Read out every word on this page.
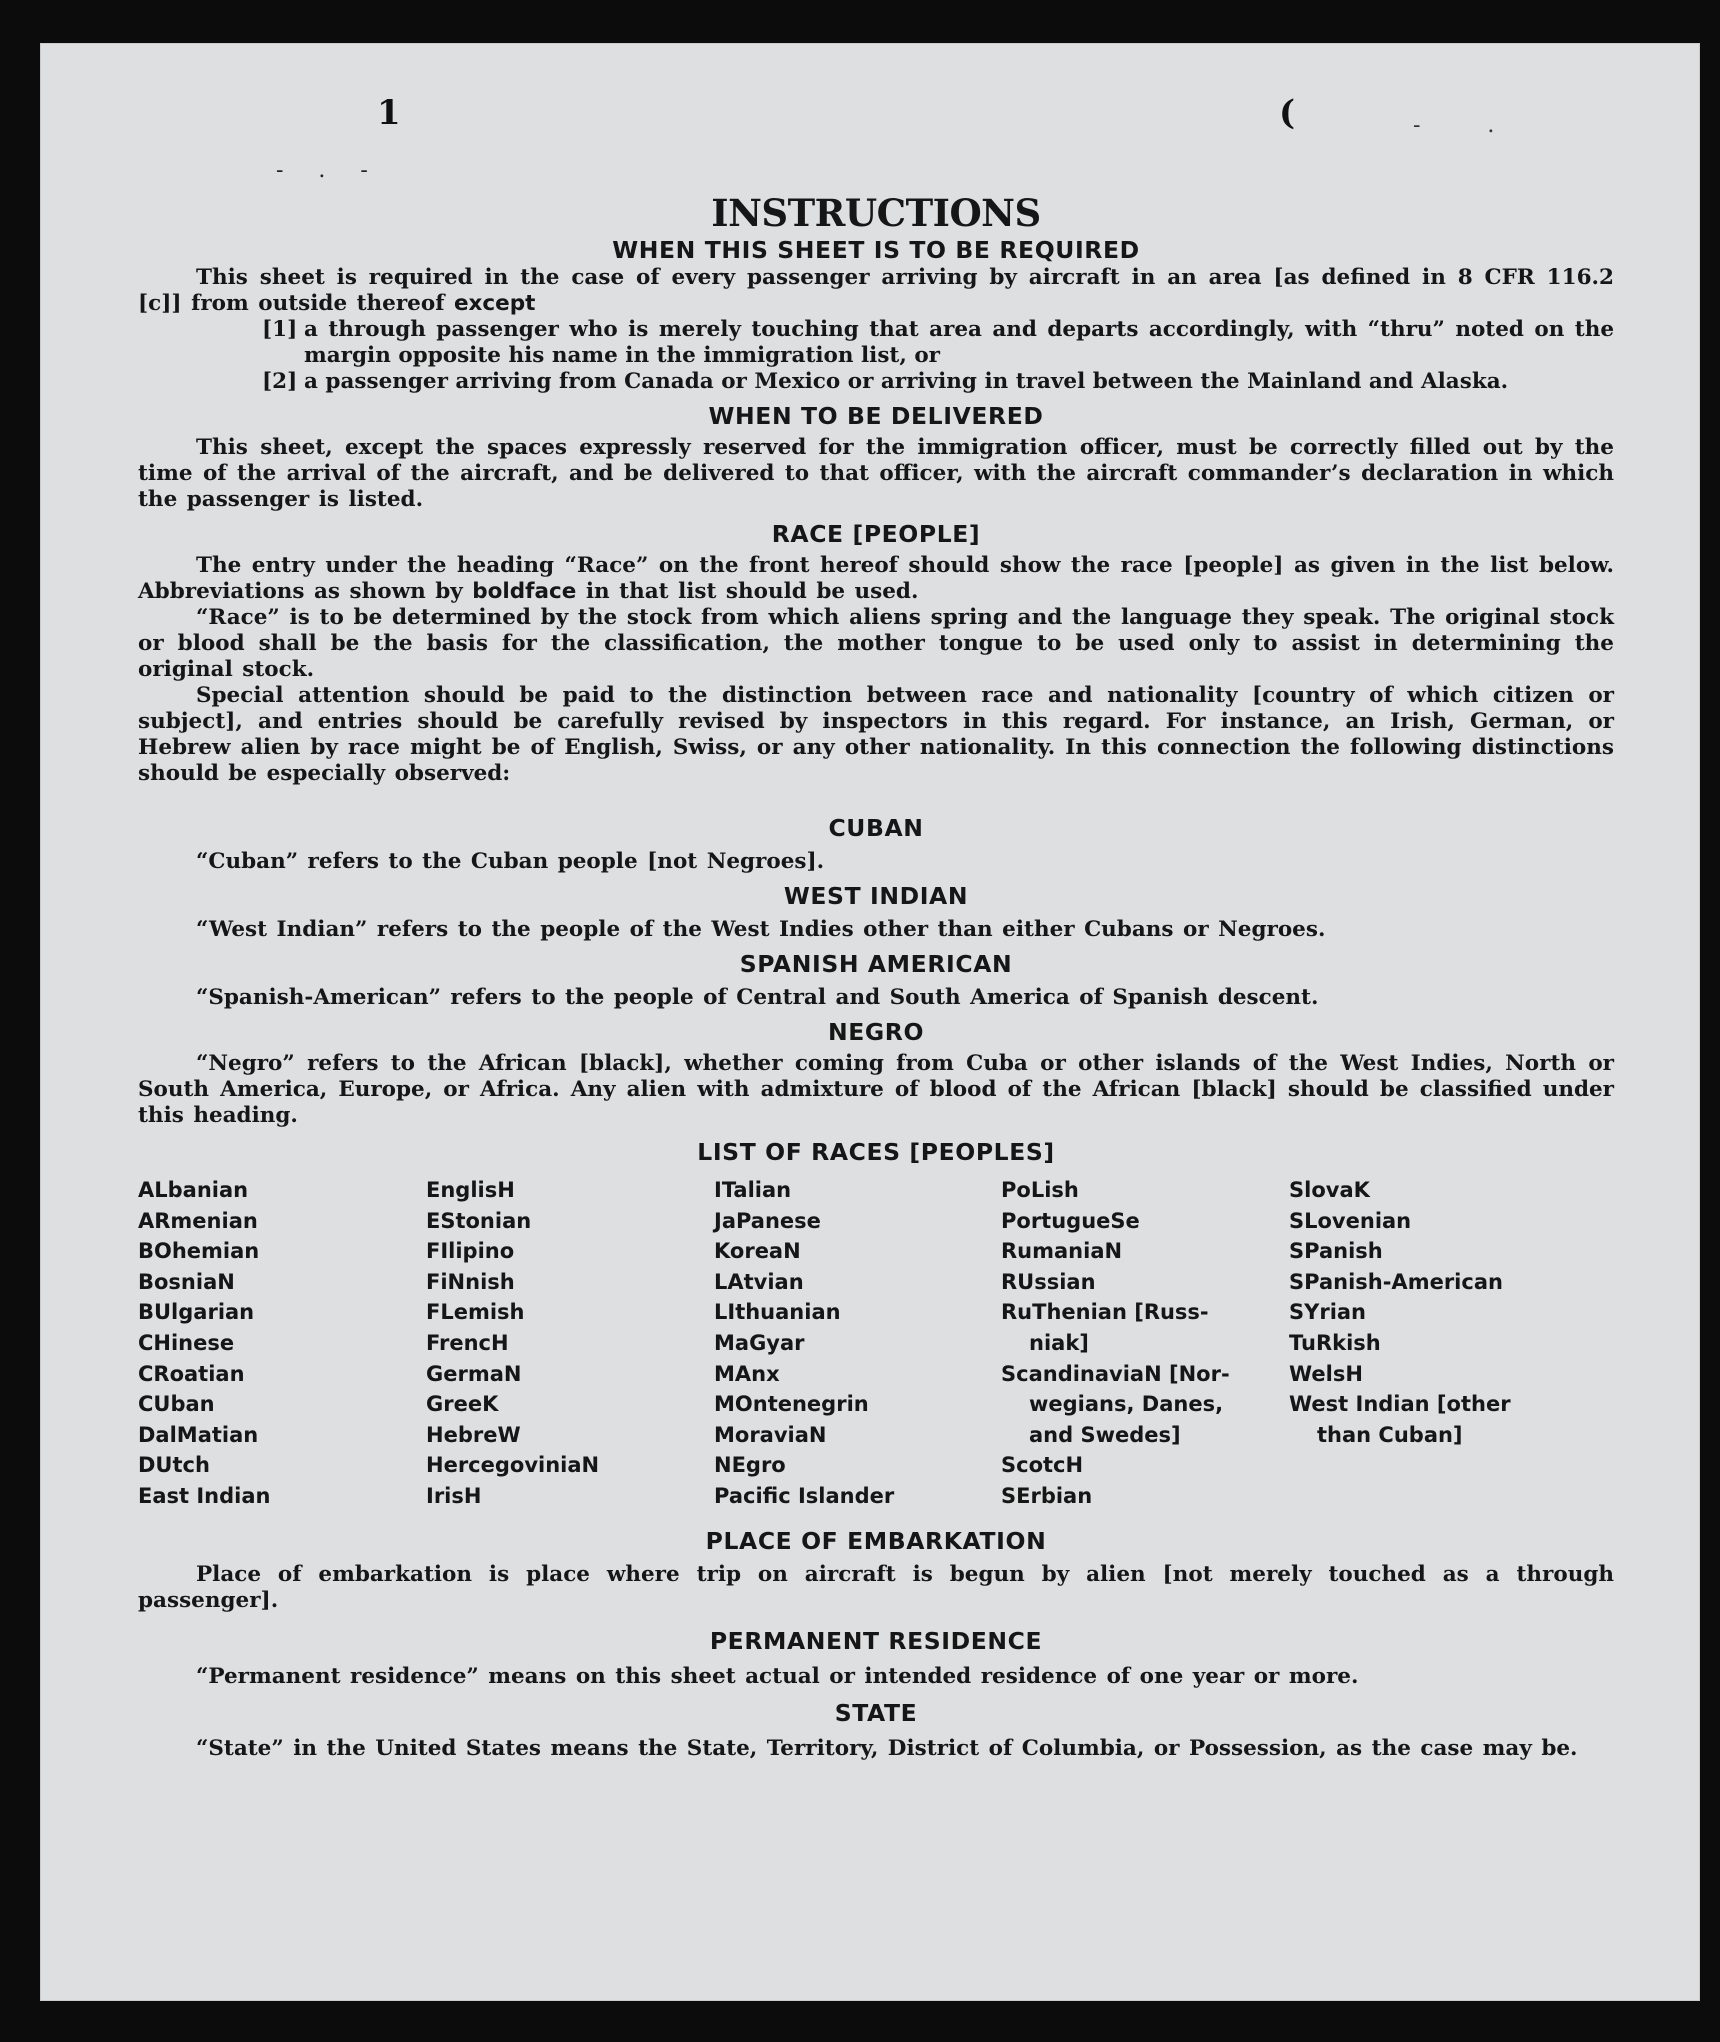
1	(
- . -
- .
INSTRUCTIONS
WHEN THIS SHEET IS TO BE REQUIRED

This sheet is required in the case of every passenger arriving by aircraft in an area [as defined in 8 CFR 116.2 [c]] from outside thereof except

[1] a through passenger who is merely touching that area and departs accordingly, with “thru” noted on the margin opposite his name in the immigration list, or
[2] a passenger arriving from Canada or Mexico or arriving in travel between the Mainland and Alaska.
WHEN TO BE DELIVERED

This sheet, except the spaces expressly reserved for the immigration officer, must be correctly filled out by the time of the arrival of the aircraft, and be delivered to that officer, with the aircraft commander’s declaration in which the passenger is listed.

RACE [PEOPLE]

The entry under the heading “Race” on the front hereof should show the race [people] as given in the list below. Abbreviations as shown by boldface in that list should be used.

“Race” is to be determined by the stock from which aliens spring and the language they speak. The original stock or blood shall be the basis for the classification, the mother tongue to be used only to assist in determining the original stock.

Special attention should be paid to the distinction between race and nationality [country of which citizen or subject], and entries should be carefully revised by inspectors in this regard. For instance, an Irish, German, or Hebrew alien by race might be of English, Swiss, or any other nationality. In this connection the following distinctions should be especially observed:

CUBAN

“Cuban” refers to the Cuban people [not Negroes].

WEST INDIAN

“West Indian” refers to the people of the West Indies other than either Cubans or Negroes.

SPANISH AMERICAN

“Spanish-American” refers to the people of Central and South America of Spanish descent.

NEGRO

“Negro” refers to the African [black], whether coming from Cuba or other islands of the West Indies, North or South America, Europe, or Africa. Any alien with admixture of blood of the African [black] should be classified under this heading.

LIST OF RACES [PEOPLES]
ALbanian
ARmenian
BOhemian
BosniaN
BUlgarian
CHinese
CRoatian
CUban
DalMatian
DUtch
East Indian
EnglisH
EStonian
FIlipino
FiNnish
FLemish
FrencH
GermaN
GreeK
HebreW
HercegoviniaN
IrisH
ITalian
JaPanese
KoreaN
LAtvian
LIthuanian
MaGyar
MAnx
MOntenegrin
MoraviaN
NEgro
Pacific Islander
PoLish
PortugueSe
RumaniaN
RUssian
RuThenian [Russ-
niak]
ScandinaviaN [Nor-
wegians, Danes,
and Swedes]
ScotcH
SErbian
SlovaK
SLovenian
SPanish
SPanish-American
SYrian
TuRkish
WelsH
West Indian [other
than Cuban]
PLACE OF EMBARKATION

Place of embarkation is place where trip on aircraft is begun by alien [not merely touched as a through passenger].

PERMANENT RESIDENCE

“Permanent residence” means on this sheet actual or intended residence of one year or more.

STATE

“State” in the United States means the State, Territory, District of Columbia, or Possession, as the case may be.
